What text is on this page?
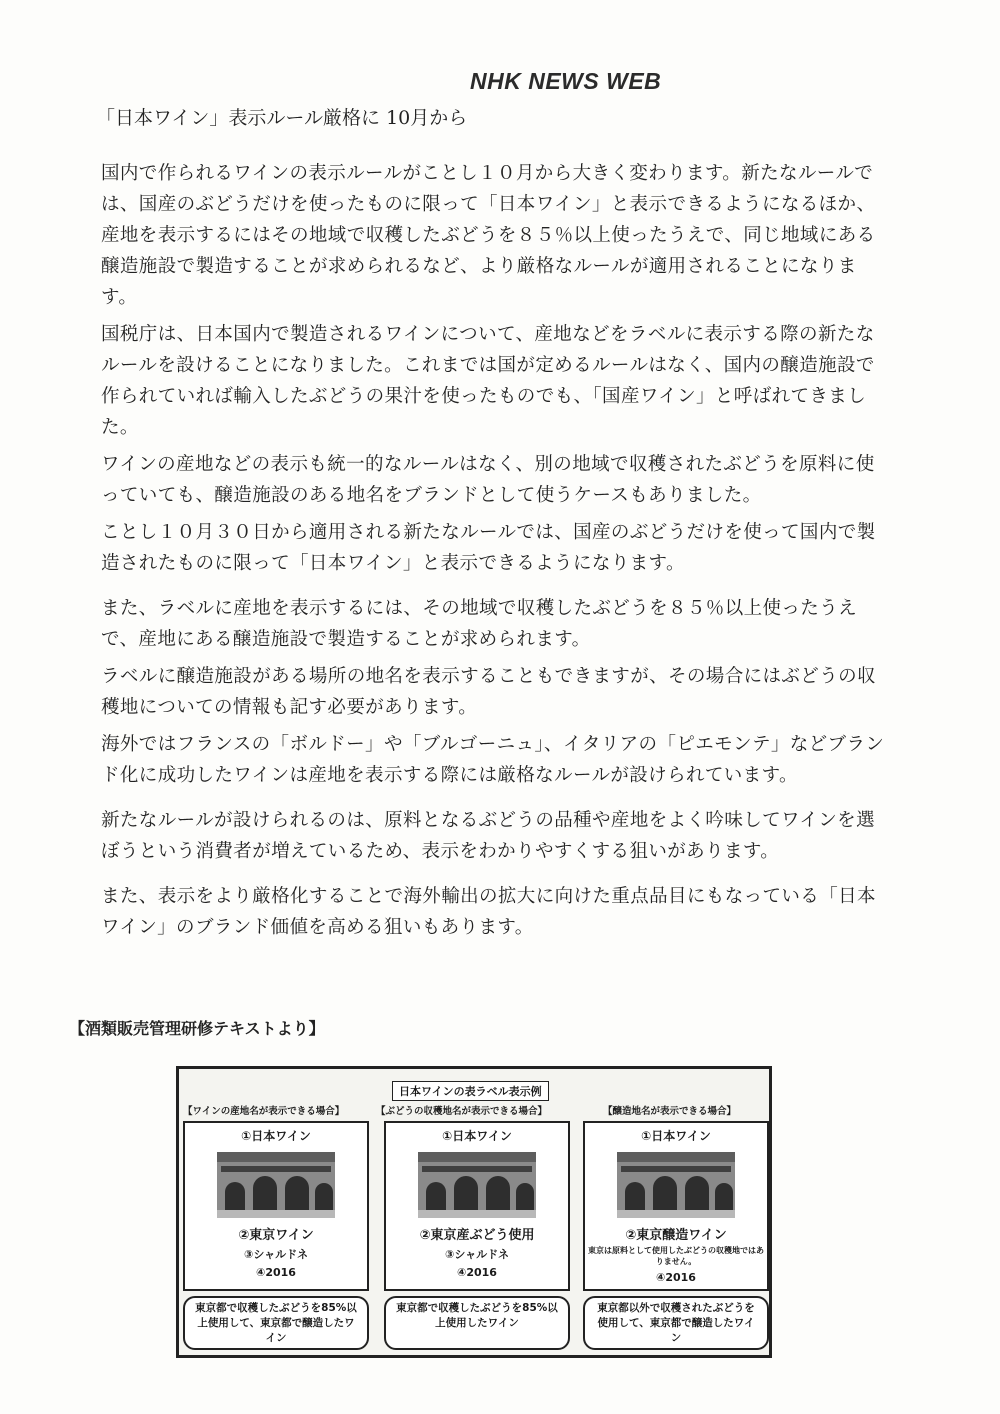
NHK NEWS WEB
「日本ワイン」表示ルール厳格に 10月から

国内で作られるワインの表示ルールがことし１０月から大きく変わります。新たなルールでは、国産のぶどうだけを使ったものに限って「日本ワイン」と表示できるようになるほか、産地を表示するにはその地域で収穫したぶどうを８５％以上使ったうえで、同じ地域にある醸造施設で製造することが求められるなど、より厳格なルールが適用されることになります。

国税庁は、日本国内で製造されるワインについて、産地などをラベルに表示する際の新たなルールを設けることになりました。これまでは国が定めるルールはなく、国内の醸造施設で作られていれば輸入したぶどうの果汁を使ったものでも、「国産ワイン」と呼ばれてきました。

ワインの産地などの表示も統一的なルールはなく、別の地域で収穫されたぶどうを原料に使っていても、醸造施設のある地名をブランドとして使うケースもありました。

ことし１０月３０日から適用される新たなルールでは、国産のぶどうだけを使って国内で製造されたものに限って「日本ワイン」と表示できるようになります。

また、ラベルに産地を表示するには、その地域で収穫したぶどうを８５％以上使ったうえで、産地にある醸造施設で製造することが求められます。

ラベルに醸造施設がある場所の地名を表示することもできますが、その場合にはぶどうの収穫地についての情報も記す必要があります。

海外ではフランスの「ボルドー」や「ブルゴーニュ」、イタリアの「ピエモンテ」などブランド化に成功したワインは産地を表示する際には厳格なルールが設けられています。

新たなルールが設けられるのは、原料となるぶどうの品種や産地をよく吟味してワインを選ぼうという消費者が増えているため、表示をわかりやすくする狙いがあります。

また、表示をより厳格化することで海外輸出の拡大に向けた重点品目にもなっている「日本ワイン」のブランド価値を高める狙いもあります。

【酒類販売管理研修テキストより】

日本ワインの表ラベル表示例
【ワインの産地名が表示できる場合】
①日本ワイン
②東京ワイン
③シャルドネ
④2016
東京都で収穫したぶどうを85%以上使用して、東京都で醸造したワイン
【ぶどうの収穫地名が表示できる場合】
①日本ワイン
②東京産ぶどう使用
③シャルドネ
④2016
東京都で収穫したぶどうを85%以上使用したワイン
【醸造地名が表示できる場合】
①日本ワイン
②東京醸造ワイン
東京は原料として使用したぶどうの収穫地ではありません。
④2016
東京都以外で収穫されたぶどうを使用して、東京都で醸造したワイン
